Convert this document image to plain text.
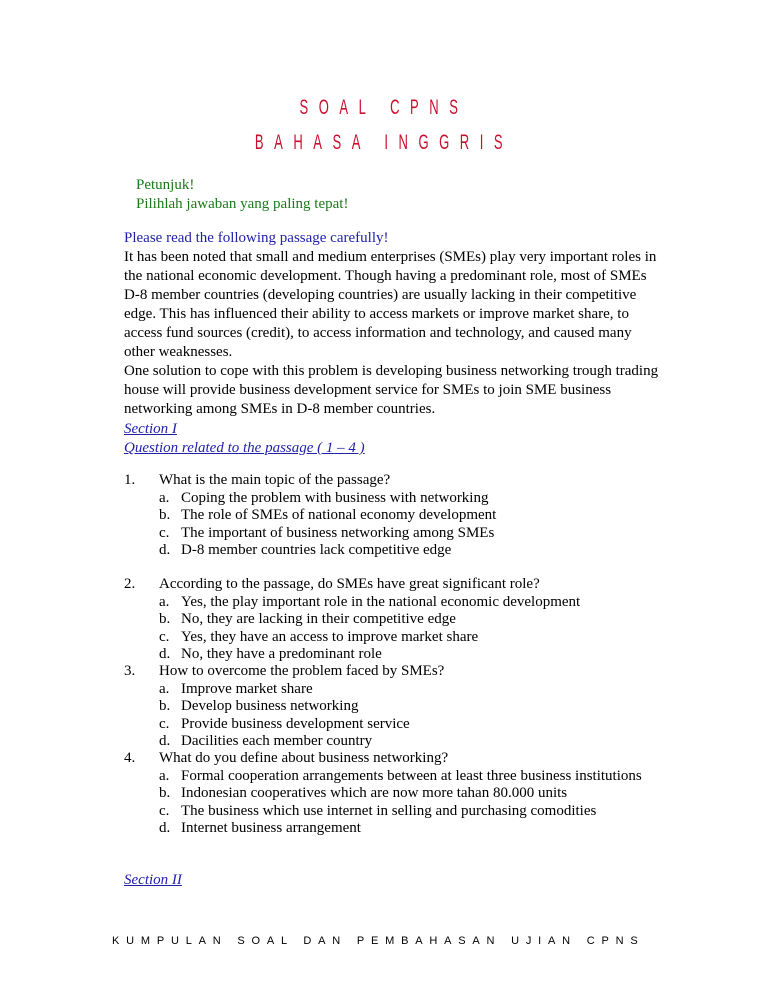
SOAL CPNS
BAHASA INGGRIS
Petunjuk!
Pilihlah jawaban yang paling tepat!

Please read the following passage carefully!

It has been noted that small and medium enterprises (SMEs) play very important roles in the national economic development. Though having a predominant role, most of SMEs D-8 member countries (developing countries) are usually lacking in their competitive edge. This has influenced their ability to access markets or improve market share, to access fund sources (credit), to access information and technology, and caused many other weaknesses.

One solution to cope with this problem is developing business networking trough trading house will provide business development service for SMEs to join SME business networking among SMEs in D-8 member countries.

Section I
Question related to the passage ( 1 – 4 )
1.	What is the main topic of the passage?
a. Coping the problem with business with networking
b. The role of SMEs of national economy development
c. The important of business networking among SMEs
d. D-8 member countries lack competitive edge
2.	According to the passage, do SMEs have great significant role?
a. Yes, the play important role in the national economic development
b. No, they are lacking in their competitive edge
c. Yes, they have an access to improve market share
d. No, they have a predominant role
3.	How to overcome the problem faced by SMEs?
a. Improve market share
b. Develop business networking
c. Provide business development service
d. Dacilities each member country
4.	What do you define about business networking?
a. Formal cooperation arrangements between at least three business institutions
b. Indonesian cooperatives which are now more tahan 80.000 units
c. The business which use internet in selling and purchasing comodities
d. Internet business arrangement
Section II
KUMPULAN SOAL DAN PEMBAHASAN UJIAN CPNS
